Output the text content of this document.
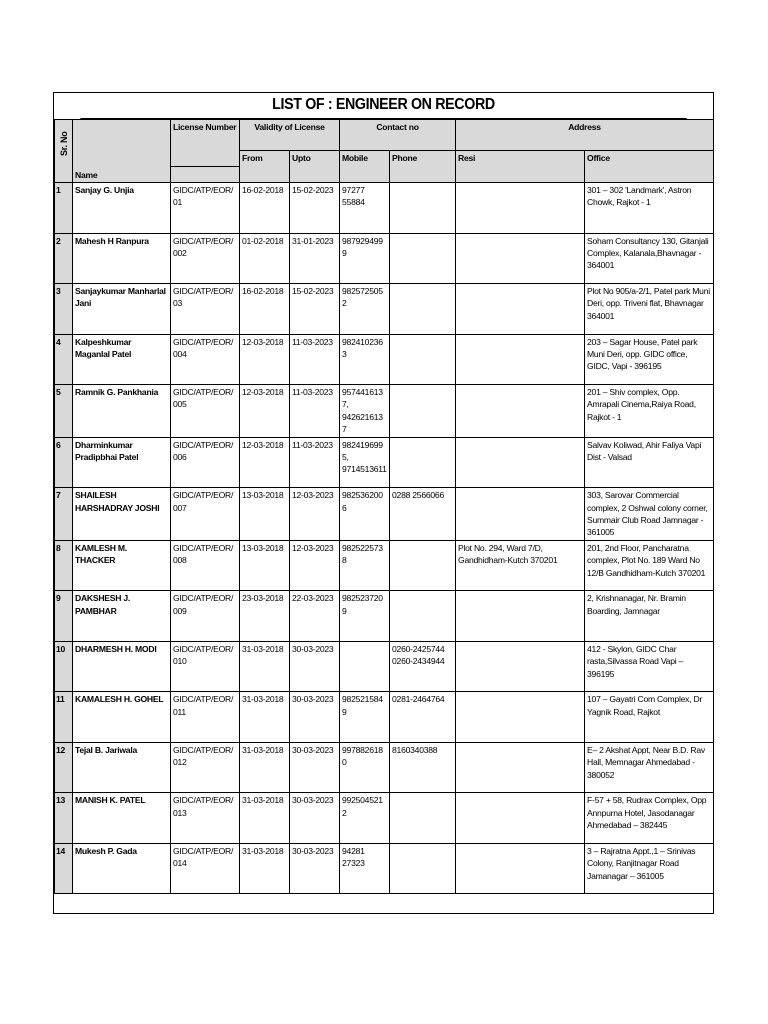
LIST OF : ENGINEER ON RECORD
Sr. No	Name	License Number	Validity of License		Contact no		Address	
			From	Upto	Mobile	Phone	Resi	Office

1	Sanjay G. Unjia	GIDC/ATP/EOR/01	16-02-2018	15-02-2023	97277 55884			301 – 302 'Landmark', Astron Chowk, Rajkot - 1
2	Mahesh H Ranpura	GIDC/ATP/EOR/002	01-02-2018	31-01-2023	9879294999			Soham Consultancy 130, Gitanjali Complex, Kalanala,Bhavnagar - 364001
3	Sanjaykumar Manharlal Jani	GIDC/ATP/EOR/03	16-02-2018	15-02-2023	9825725052			Plot No 905/a-2/1, Patel park Muni Deri, opp. Triveni flat, Bhavnagar 364001
4	Kalpeshkumar Maganlal Patel	GIDC/ATP/EOR/004	12-03-2018	11-03-2023	9824102363			203 – Sagar House, Patel park Muni Deri, opp. GIDC office, GIDC, Vapi - 396195
5	Ramnik G. Pankhania	GIDC/ATP/EOR/005	12-03-2018	11-03-2023	9574416137, 9426216137			201 – Shiv complex, Opp. Amrapali Cinema,Raiya Road, Rajkot - 1
6	Dharminkumar Pradipbhai Patel	GIDC/ATP/EOR/006	12-03-2018	11-03-2023	9824196995, 9714513611			Salvav Koliwad, Ahir Faliya Vapi Dist - Valsad
7	SHAILESH HARSHADRAY JOSHI	GIDC/ATP/EOR/007	13-03-2018	12-03-2023	9825362006	0288 2566066		303, Sarovar Commercial complex, 2 Oshwal colony corner, Summair Club Road Jamnagar - 361005
8	KAMLESH M. THACKER	GIDC/ATP/EOR/008	13-03-2018	12-03-2023	9825225738		Plot No. 294, Ward 7/D, Gandhidham-Kutch 370201	201, 2nd Floor, Pancharatna complex, Plot No. 189 Ward No 12/B Gandhidham-Kutch 370201
9	DAKSHESH J. PAMBHAR	GIDC/ATP/EOR/009	23-03-2018	22-03-2023	9825237209			2, Krishnanagar, Nr. Bramin Boarding, Jamnagar
10	DHARMESH H. MODI	GIDC/ATP/EOR/010	31-03-2018	30-03-2023		0260-2425744 0260-2434944		412 - Skylon, GIDC Char rasta,Silvassa Road Vapi – 396195
11	KAMALESH H. GOHEL	GIDC/ATP/EOR/011	31-03-2018	30-03-2023	9825215849	0281-2464764		107 – Gayatri Com Complex, Dr Yagnik Road, Rajkot
12	Tejal B. Jariwala	GIDC/ATP/EOR/012	31-03-2018	30-03-2023	9978826180	8160340388		E– 2 Akshat Appt, Near B.D. Rav Hall, Memnagar Ahmedabad - 380052
13	MANISH K. PATEL	GIDC/ATP/EOR/013	31-03-2018	30-03-2023	9925045212			F-57 + 58, Rudrax Complex, Opp Annpurna Hotel, Jasodanagar Ahmedabad – 382445
14	Mukesh P. Gada	GIDC/ATP/EOR/014	31-03-2018	30-03-2023	94281 27323			3 – Rajratna Appt.,1 – Srinivas Colony, Ranjitnagar Road Jamanagar – 361005
